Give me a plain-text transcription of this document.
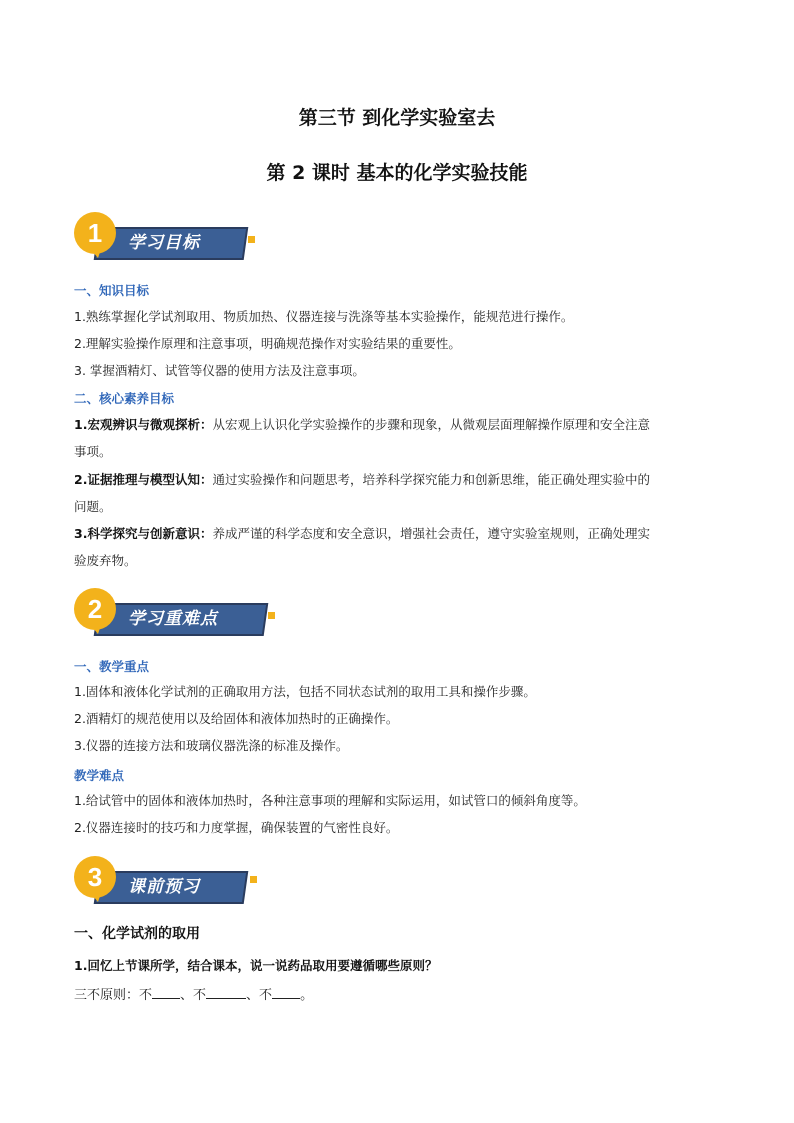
第三节 到化学实验室去
第 2 课时 基本的化学实验技能
1	学习目标

一、知识目标

1.熟练掌握化学试剂取用、物质加热、仪器连接与洗涤等基本实验操作，能规范进行操作。

2.理解实验操作原理和注意事项，明确规范操作对实验结果的重要性。

3. 掌握酒精灯、试管等仪器的使用方法及注意事项。

二、核心素养目标

1.宏观辨识与微观探析：从宏观上认识化学实验操作的步骤和现象，从微观层面理解操作原理和安全注意

事项。

2.证据推理与模型认知：通过实验操作和问题思考，培养科学探究能力和创新思维，能正确处理实验中的

问题。

3.科学探究与创新意识：养成严谨的科学态度和安全意识，增强社会责任，遵守实验室规则，正确处理实

验废弃物。

2	学习重难点

一、教学重点

1.固体和液体化学试剂的正确取用方法，包括不同状态试剂的取用工具和操作步骤。

2.酒精灯的规范使用以及给固体和液体加热时的正确操作。

3.仪器的连接方法和玻璃仪器洗涤的标准及操作。

教学难点

1.给试管中的固体和液体加热时，各种注意事项的理解和实际运用，如试管口的倾斜角度等。

2.仪器连接时的技巧和力度掌握，确保装置的气密性良好。

3	课前预习

一、化学试剂的取用

1.回忆上节课所学，结合课本，说一说药品取用要遵循哪些原则？

三不原则：不 、不	、不 。
